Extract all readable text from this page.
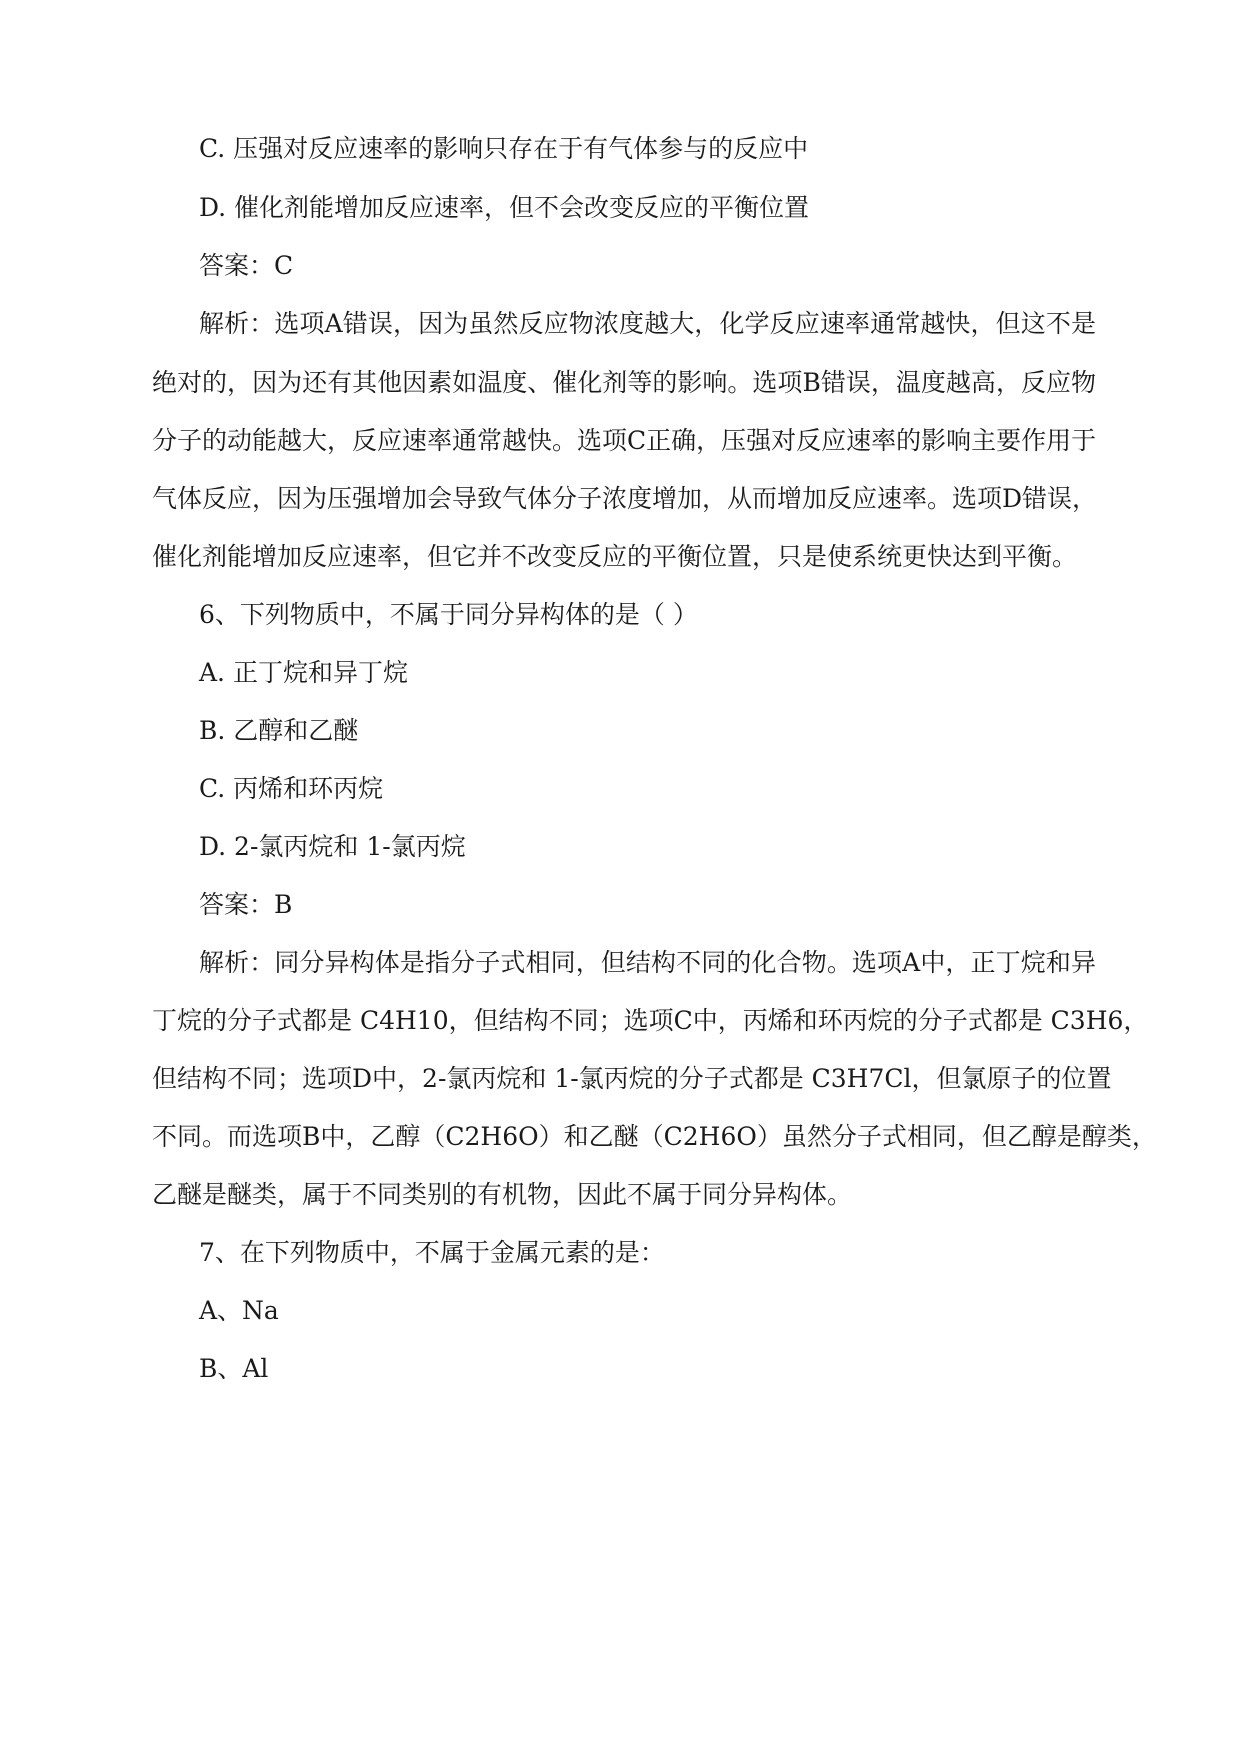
C. 压强对反应速率的影响只存在于有气体参与的反应中
D. 催化剂能增加反应速率，但不会改变反应的平衡位置
答案：C
解析：选项A错误，因为虽然反应物浓度越大，化学反应速率通常越快，但这不是
绝对的，因为还有其他因素如温度、催化剂等的影响。选项B错误，温度越高，反应物
分子的动能越大，反应速率通常越快。选项C正确，压强对反应速率的影响主要作用于
气体反应，因为压强增加会导致气体分子浓度增加，从而增加反应速率。选项D错误，
催化剂能增加反应速率，但它并不改变反应的平衡位置，只是使系统更快达到平衡。
6、下列物质中，不属于同分异构体的是（ ）
A. 正丁烷和异丁烷
B. 乙醇和乙醚
C. 丙烯和环丙烷
D. 2-氯丙烷和 1-氯丙烷
答案：B
解析：同分异构体是指分子式相同，但结构不同的化合物。选项A中，正丁烷和异
丁烷的分子式都是 C4H10，但结构不同；选项C中，丙烯和环丙烷的分子式都是 C3H6，
但结构不同；选项D中，2-氯丙烷和 1-氯丙烷的分子式都是 C3H7Cl，但氯原子的位置
不同。而选项B中，乙醇（C2H6O）和乙醚（C2H6O）虽然分子式相同，但乙醇是醇类，
乙醚是醚类，属于不同类别的有机物，因此不属于同分异构体。
7、在下列物质中，不属于金属元素的是：
A、Na
B、Al
